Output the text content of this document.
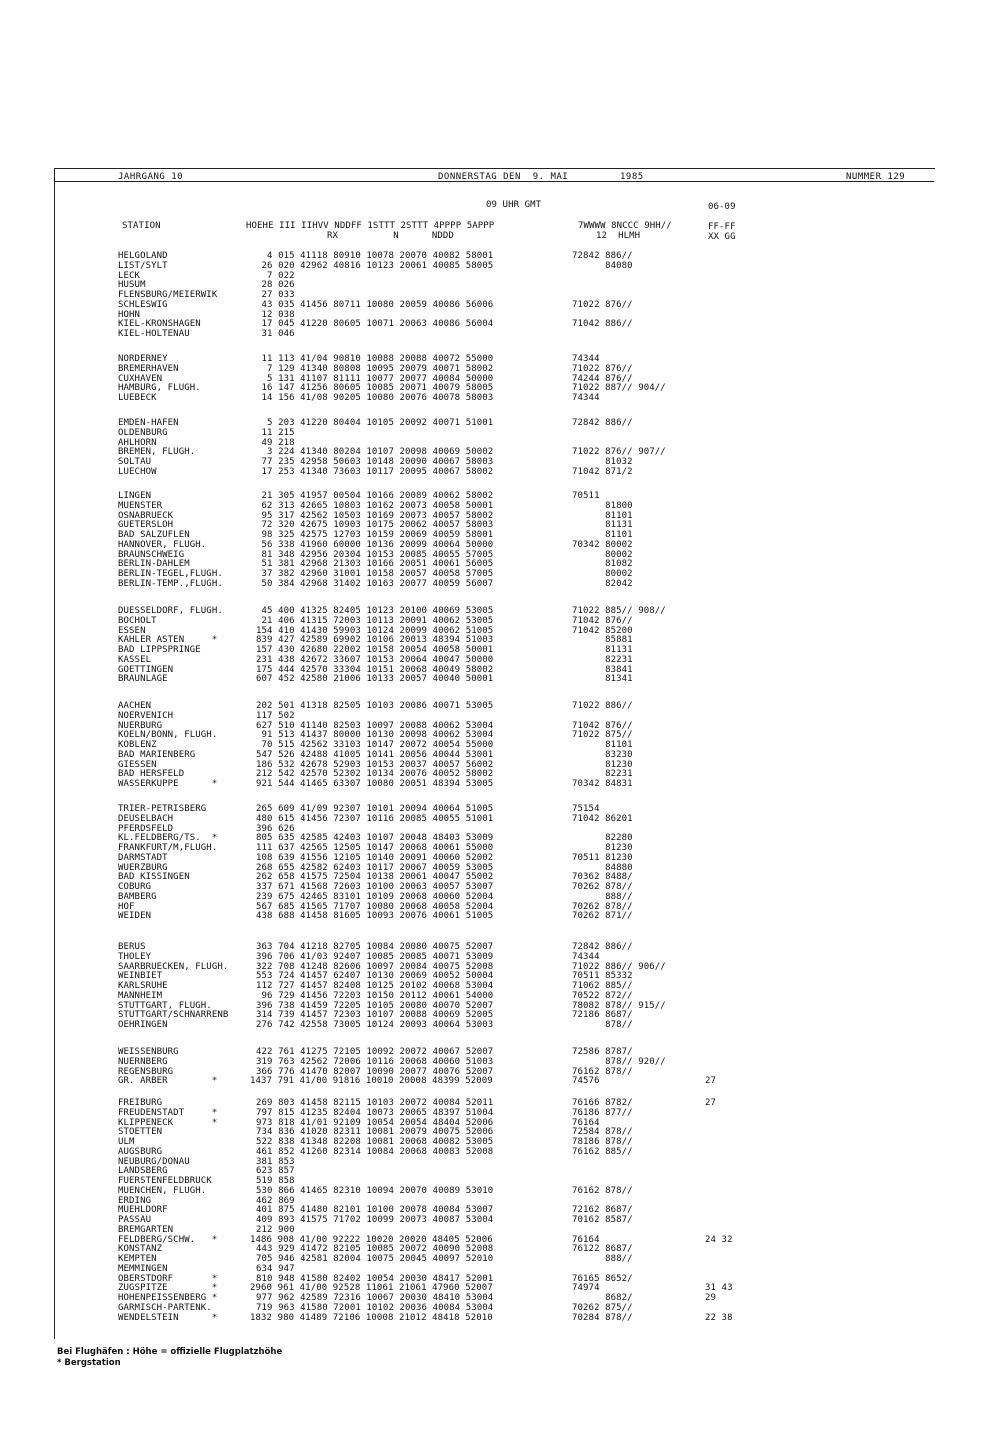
JAHRGANG 10	DONNERSTAG DEN  9. MAI	1985	NUMMER 129
09 UHR GMT	06-09
STATION	HOEHE III IIHVV NDDFF 1STTT 2STTT 4PPPP 5APPP
RX          N      NDDD
7WWWW 8NCCC 9HH//
12  HLMH
FF-FF
XX GG
HELGOLAND	4 015 41118 80910 10078 20070 40082 58001	72842 886//
LIST/SYLT	26 020 42962 40816 10123 20061 40085 58005	84080
LECK	7 022
HUSUM	28 026
FLENSBURG/MEIERWIK	27 033
SCHLESWIG	43 035 41456 80711 10080 20059 40086 56006	71022 876//
HOHN	12 038
KIEL-KRONSHAGEN	17 045 41220 80605 10071 20063 40086 56004	71042 886//
KIEL-HOLTENAU	31 046
NORDERNEY	11 113 41/04 90810 10088 20088 40072 55000	74344
BREMERHAVEN	7 129 41340 80808 10095 20079 40071 58002	71022 876//
CUXHAVEN	5 131 41107 81111 10077 20077 40084 50000	74244 876//
HAMBURG, FLUGH.	16 147 41256 80605 10085 20071 40079 58005	71022 887// 904//
LUEBECK	14 156 41/08 90205 10080 20076 40078 58003	74344
EMDEN-HAFEN	5 203 41220 80404 10105 20092 40071 51001	72842 886//
OLDENBURG	11 215
AHLHORN	49 218
BREMEN, FLUGH.	3 224 41340 80204 10107 20098 40069 50002	71022 876// 907//
SOLTAU	77 235 42958 50603 10148 20090 40067 58003	81032
LUECHOW	17 253 41340 73603 10117 20095 40067 58002	71042 871/2
LINGEN	21 305 41957 00504 10166 20089 40062 58002	70511
MUENSTER	62 313 42665 10803 10162 20073 40058 50001	81800
OSNABRUECK	95 317 42562 10503 10169 20073 40057 58002	81101
GUETERSLOH	72 320 42675 10903 10175 20062 40057 58003	81131
BAD SALZUFLEN	98 325 42575 12703 10159 20069 40059 58001	81101
HANNOVER, FLUGH.	56 338 41960 60000 10136 20099 40064 50000	70342 80002
BRAUNSCHWEIG	81 348 42956 20304 10153 20085 40055 57005	80002
BERLIN-DAHLEM	51 381 42968 21303 10166 20051 40061 56005	81082
BERLIN-TEGEL,FLUGH.	37 382 42960 31001 10158 20057 40058 57005	80002
BERLIN-TEMP.,FLUGH.	50 384 42968 31402 10163 20077 40059 56007	82042
DUESSELDORF, FLUGH.	45 400 41325 82405 10123 20100 40069 53005	71022 885// 908//
BOCHOLT	21 406 41315 72003 10113 20091 40062 53005	71042 876//
ESSEN	154 410 41430 59903 10124 20099 40062 51005	71042 85200
KAHLER ASTEN     *	839 427 42589 69902 10106 20013 48394 51003	85881
BAD LIPPSPRINGE	157 430 42680 22002 10158 20054 40058 50001	81131
KASSEL	231 438 42672 33607 10153 20064 40047 50000	82231
GOETTINGEN	175 444 42570 33304 10151 20068 40049 58002	83841
BRAUNLAGE	607 452 42580 21006 10133 20057 40040 50001	81341
AACHEN	202 501 41318 82505 10103 20086 40071 53005	71022 886//
NOERVENICH	117 502
NUERBURG	627 510 41140 82503 10097 20088 40062 53004	71042 876//
KOELN/BONN, FLUGH.	91 513 41437 80000 10130 20098 40062 53004	71022 875//
KOBLENZ	70 515 42562 33103 10147 20072 40054 55000	81101
BAD MARIENBERG	547 526 42488 41005 10141 20056 40044 53001	83230
GIESSEN	186 532 42678 52903 10153 20037 40057 56002	81230
BAD HERSFELD	212 542 42570 52302 10134 20076 40052 58002	82231
WASSERKUPPE      *	921 544 41465 63307 10080 20051 48394 53005	70342 84831
TRIER-PETRISBERG	265 609 41/09 92307 10101 20094 40064 51005	75154
DEUSELBACH	480 615 41456 72307 10116 20085 40055 51001	71042 86201
PFERDSFELD	396 626
KL.FELDBERG/TS.  *	805 635 42585 42403 10107 20048 48403 53009	82280
FRANKFURT/M,FLUGH.	111 637 42565 12505 10147 20068 40061 55000	81230
DARMSTADT	108 639 41556 12105 10140 20091 40060 52002	70511 81230
WUERZBURG	268 655 42582 62403 10117 20067 40059 53005	84880
BAD KISSINGEN	262 658 41575 72504 10138 20061 40047 55002	70362 8488/
COBURG	337 671 41568 72603 10100 20063 40057 53007	70262 878//
BAMBERG	239 675 42465 83101 10109 20068 40060 52004	888//
HOF	567 685 41565 71707 10080 20068 40058 52004	70262 878//
WEIDEN	438 688 41458 81605 10093 20076 40061 51005	70262 871//
BERUS	363 704 41218 82705 10084 20080 40075 52007	72842 886//
THOLEY	396 706 41/03 92407 10085 20085 40071 53009	74344
SAARBRUECKEN, FLUGH.	322 708 41248 82606 10097 20084 40075 52008	71022 886// 906//
WEINBIET	553 724 41457 62407 10130 20069 40052 50004	70511 85332
KARLSRUHE	112 727 41457 82408 10125 20102 40068 53004	71062 885//
MANNHEIM	96 729 41456 72203 10150 20112 40061 54000	70522 872//
STUTTGART, FLUGH.	396 738 41459 72205 10105 20080 40070 52007	78082 878// 915//
STUTTGART/SCHNARRENB	314 739 41457 72303 10107 20088 40069 52005	72186 8687/
OEHRINGEN	276 742 42558 73005 10124 20093 40064 53003	878//
WEISSENBURG	422 761 41275 72105 10092 20072 40067 52007	72586 8787/
NUERNBERG	319 763 42562 72006 10116 20068 40060 51003	878// 920//
REGENSBURG	366 776 41470 82007 10090 20077 40076 52007	76162 878//
GR. ARBER        *	1437 791 41/00 91816 10010 20008 48399 52009	74576	27
FREIBURG	269 803 41458 82115 10103 20072 40084 52011	76166 8782/	27
FREUDENSTADT     *	797 815 41235 82404 10073 20065 48397 51004	76186 877//
KLIPPENECK       *	973 818 41/01 92109 10054 20054 48404 52006	76164
STOETTEN	734 836 41020 82311 10081 20079 40075 52006	72584 878//
ULM	522 838 41348 82208 10081 20068 40082 53005	78186 878//
AUGSBURG	461 852 41260 82314 10084 20068 40083 52008	76162 885//
NEUBURG/DONAU	381 853
LANDSBERG	623 857
FUERSTENFELDBRUCK	519 858
MUENCHEN, FLUGH.	530 866 41465 82310 10094 20070 40089 53010	76162 878//
ERDING	462 869
MUEHLDORF	401 875 41480 82101 10100 20078 40084 53007	72162 8687/
PASSAU	409 893 41575 71702 10099 20073 40087 53004	70162 8587/
BREMGARTEN	212 900
FELDBERG/SCHW.   *	1486 908 41/00 92222 10020 20020 48405 52006	76164	24 32
KONSTANZ	443 929 41472 82105 10085 20072 40090 52008	76122 8687/
KEMPTEN	705 946 42581 82004 10075 20045 40097 52010	888//
MEMMINGEN	634 947
OBERSTDORF       *	810 948 41580 82402 10054 20030 48417 52001	76165 8652/
ZUGSPITZE        *	2960 961 41/00 92528 11061 21061 47960 52007	74974	31 43
HOHENPEISSENBERG *	977 962 42589 72316 10067 20030 48410 53004	8682/	29
GARMISCH-PARTENK.	719 963 41580 72001 10102 20036 40084 53004	70262 875//
WENDELSTEIN      *	1832 980 41489 72106 10008 21012 48418 52010	70284 878//	22 38
Bei Flughäfen : Höhe = offizielle Flugplatzhöhe
* Bergstation
